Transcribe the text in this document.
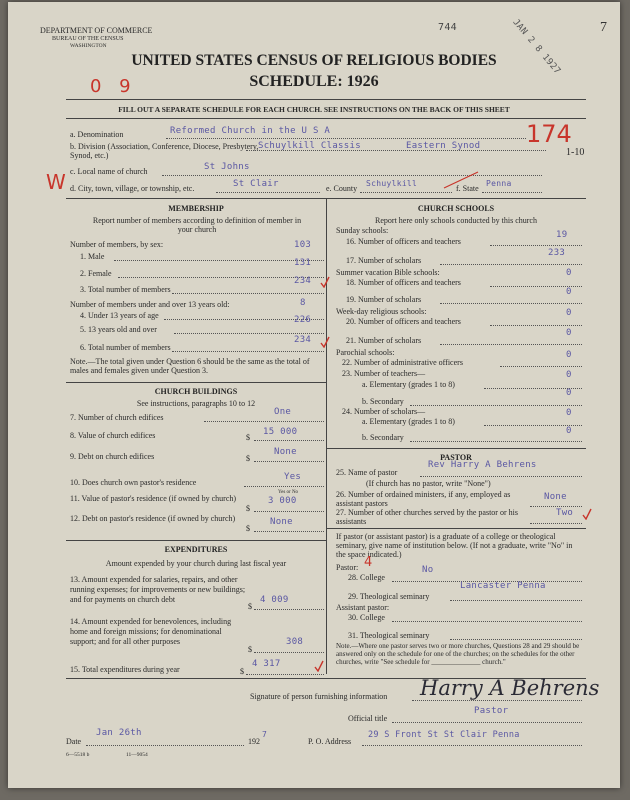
DEPARTMENT OF COMMERCE
BUREAU OF THE CENSUS
WASHINGTON
UNITED STATES CENSUS OF RELIGIOUS BODIES
SCHEDULE: 1926
744	JAN 2 8 1927	7
0 9
174
1-10
W
FILL OUT A SEPARATE SCHEDULE FOR EACH CHURCH. SEE INSTRUCTIONS ON THE BACK OF THIS SHEET
a. Denomination	Reformed Church in the U S A
b. Division (Association, Conference, Diocese, Presbytery, Synod, etc.)
Schuylkill Classis	Eastern Synod
c. Local name of church	St Johns
d. City, town, village, or township, etc.	St Clair	e. County
Schuylkill
f. State
Penna
MEMBERSHIP
Report number of members according to definition of member in your church
Number of members, by sex:
1. Male
103
2. Female
131
3. Total number of members
234
Number of members under and over 13 years old:
4. Under 13 years of age
8
5. 13 years old and over
226
6. Total number of members
234
Note.—The total given under Question 6 should be the same as the total of males and females given under Question 3.
CHURCH BUILDINGS
See instructions, paragraphs 10 to 12
7. Number of church edifices
One
8. Value of church edifices	$
15 000
9. Debt on church edifices	$
None
10. Does church own pastor's residence
Yes
Yes or No
11. Value of pastor's residence (if owned by church)
$
3 000
12. Debt on pastor's residence (if owned by church)
$
None
EXPENDITURES
Amount expended by your church during last fiscal year
13. Amount expended for salaries, repairs, and other running expenses; for improvements or new buildings; and for payments on church debt
$
4 009
14. Amount expended for benevolences, including home and foreign missions; for denominational support; and for all other purposes
$
308
15. Total expenditures during year	$
4 317
CHURCH SCHOOLS
Report here only schools conducted by this church
Sunday schools:
16. Number of officers and teachers
19
17. Number of scholars
233
Summer vacation Bible schools:
18. Number of officers and teachers
0
19. Number of scholars
0
Week-day religious schools:
20. Number of officers and teachers
0
21. Number of scholars
0
Parochial schools:
22. Number of administrative officers
0
23. Number of teachers—
a. Elementary (grades 1 to 8)
0
b. Secondary
0
24. Number of scholars—
a. Elementary (grades 1 to 8)
0
b. Secondary
0
PASTOR
25. Name of pastor
Rev Harry A Behrens
(If church has no pastor, write "None")
26. Number of ordained ministers, if any, employed as assistant pastors
None
27. Number of other churches served by the pastor or his assistants
Two
If pastor (or assistant pastor) is a graduate of a college or theological seminary, give name of institution below. (If not a graduate, write "No" in the space indicated.)
Pastor: 4
28. College
No
29. Theological seminary
Lancaster Penna
Assistant pastor:
30. College
31. Theological seminary
Note.—Where one pastor serves two or more churches, Questions 28 and 29 should be answered only on the schedule for one of the churches; on the schedules for the other churches, write "See schedule for ______________ church."
Signature of person furnishing information Harry A Behrens
Official title
Pastor
Date
Jan 26th
192
7
P. O. Address
29 S Front St St Clair Penna
6—5518 b	11—9054
